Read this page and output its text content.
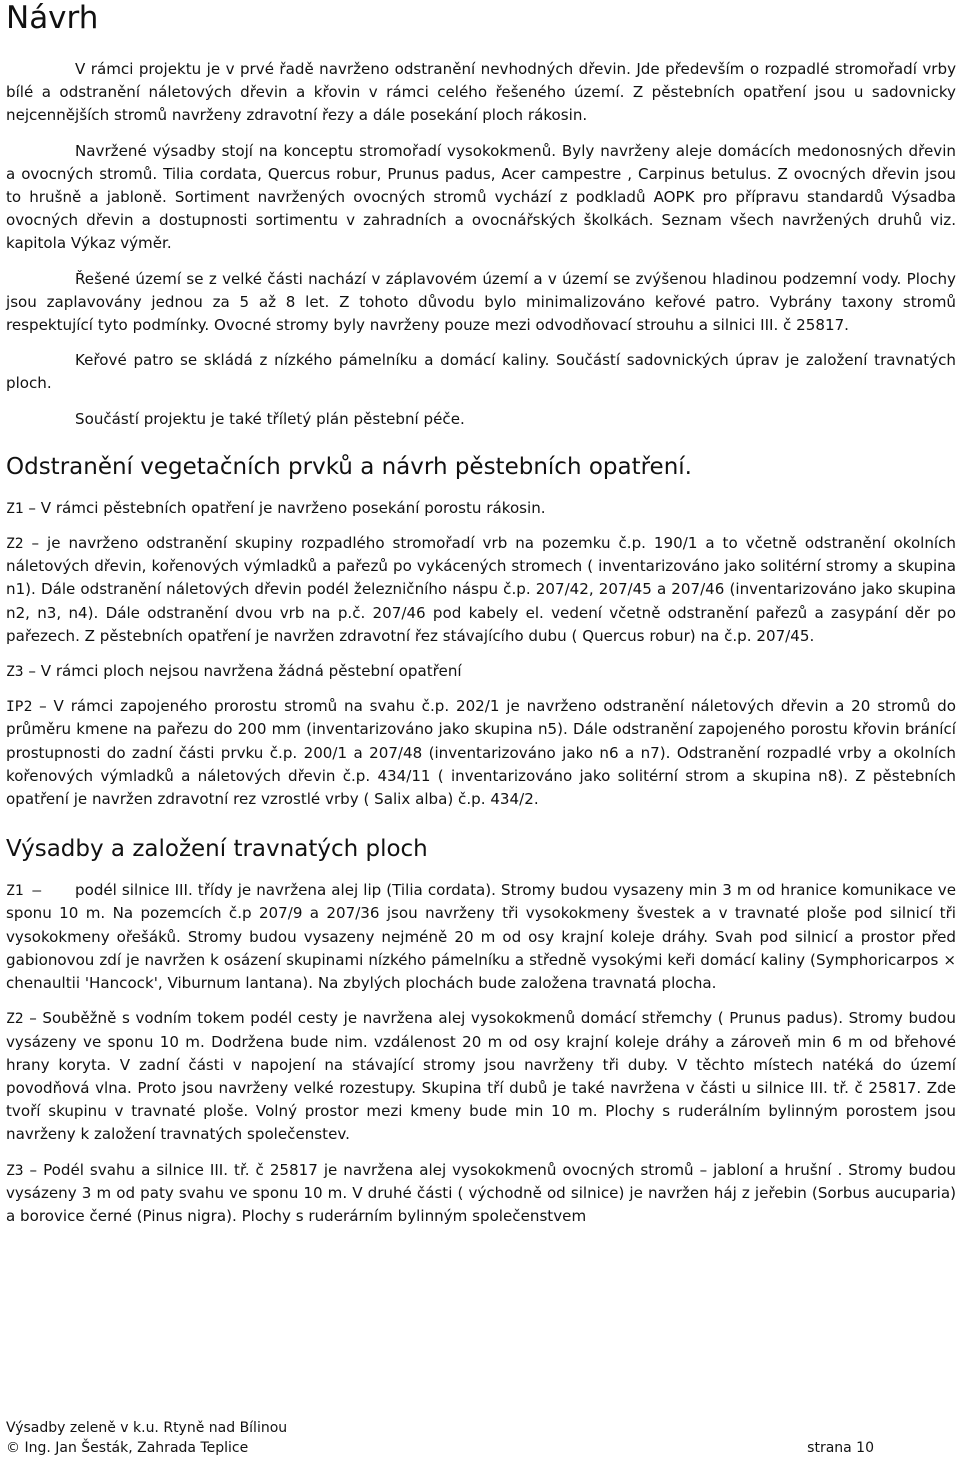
Návrh

V rámci projektu je v prvé řadě navrženo odstranění nevhodných dřevin. Jde především o rozpadlé stromořadí vrby bílé a odstranění náletových dřevin a křovin v rámci celého řešeného území. Z pěstebních opatření jsou u sadovnicky nejcennějších stromů navrženy zdravotní řezy a dále posekání ploch rákosin.

Navržené výsadby stojí na konceptu stromořadí vysokokmenů. Byly navrženy aleje domácích medonosných dřevin a ovocných stromů. Tilia cordata, Quercus robur, Prunus padus, Acer campestre , Carpinus betulus. Z ovocných dřevin jsou to hrušně a jabloně. Sortiment navržených ovocných stromů vychází z podkladů AOPK pro přípravu standardů Výsadba ovocných dřevin a dostupnosti sortimentu v zahradních a ovocnářských školkách. Seznam všech navržených druhů viz. kapitola Výkaz výměr.

Řešené území se z velké části nachází v záplavovém území a v území se zvýšenou hladinou podzemní vody. Plochy jsou zaplavovány jednou za 5 až 8 let. Z tohoto důvodu bylo minimalizováno keřové patro. Vybrány taxony stromů respektující tyto podmínky. Ovocné stromy byly navrženy pouze mezi odvodňovací strouhu a silnici III. č 25817.

Keřové patro se skládá z nízkého pámelníku a domácí kaliny. Součástí sadovnických úprav je založení travnatých ploch.

Součástí projektu je také tříletý plán pěstební péče.

Odstranění vegetačních prvků a návrh pěstebních opatření.

Z1 – V rámci pěstebních opatření je navrženo posekání porostu rákosin.

Z2 – je navrženo odstranění skupiny rozpadlého stromořadí vrb na pozemku č.p. 190/1 a to včetně odstranění okolních náletových dřevin, kořenových výmladků a pařezů po vykácených stromech ( inventarizováno jako solitérní stromy a skupina n1). Dále odstranění náletových dřevin podél železničního náspu č.p. 207/42, 207/45 a 207/46 (inventarizováno jako skupina n2, n3, n4). Dále odstranění dvou vrb na p.č. 207/46 pod kabely el. vedení včetně odstranění pařezů a zasypání děr po pařezech. Z pěstebních opatření je navržen zdravotní řez stávajícího dubu ( Quercus robur) na č.p. 207/45.

Z3 – V rámci ploch nejsou navržena žádná pěstební opatření

IP2 – V rámci zapojeného prorostu stromů na svahu č.p. 202/1 je navrženo odstranění náletových dřevin a 20 stromů do průměru kmene na pařezu do 200 mm (inventarizováno jako skupina n5). Dále odstranění zapojeného porostu křovin bránící prostupnosti do zadní části prvku č.p. 200/1 a 207/48 (inventarizováno jako n6 a n7). Odstranění rozpadlé vrby a okolních kořenových výmladků a náletových dřevin č.p. 434/11 ( inventarizováno jako solitérní strom a skupina n8). Z pěstebních opatření je navržen zdravotní rez vzrostlé vrby ( Salix alba) č.p. 434/2.

Výsadby a založení travnatých ploch

Z1 – podél silnice III. třídy je navržena alej lip (Tilia cordata). Stromy budou vysazeny min 3 m od hranice komunikace ve sponu 10 m. Na pozemcích č.p 207/9 a 207/36 jsou navrženy tři vysokokmeny švestek a v travnaté ploše pod silnicí tři vysokokmeny ořešáků. Stromy budou vysazeny nejméně 20 m od osy krajní koleje dráhy. Svah pod silnicí a prostor před gabionovou zdí je navržen k osázení skupinami nízkého pámelníku a středně vysokými keři domácí kaliny (Symphoricarpos × chenaultii 'Hancock', Viburnum lantana). Na zbylých plochách bude založena travnatá plocha.

Z2 – Souběžně s vodním tokem podél cesty je navržena alej vysokokmenů domácí střemchy ( Prunus padus). Stromy budou vysázeny ve sponu 10 m. Dodržena bude nim. vzdálenost 20 m od osy krajní koleje dráhy a zároveň min 6 m od břehové hrany koryta. V zadní části v napojení na stávající stromy jsou navrženy tři duby. V těchto místech natéká do území povodňová vlna. Proto jsou navrženy velké rozestupy. Skupina tří dubů je také navržena v části u silnice III. tř. č 25817. Zde tvoří skupinu v travnaté ploše. Volný prostor mezi kmeny bude min 10 m. Plochy s ruderálním bylinným porostem jsou navrženy k založení travnatých společenstev.

Z3 – Podél svahu a silnice III. tř. č 25817 je navržena alej vysokokmenů ovocných stromů – jabloní a hrušní . Stromy budou vysázeny 3 m od paty svahu ve sponu 10 m. V druhé části ( východně od silnice) je navržen háj z jeřebin (Sorbus aucuparia) a borovice černé (Pinus nigra). Plochy s ruderárním bylinným společenstvem

Výsadby zeleně v k.u. Rtyně nad Bílinou
© Ing. Jan Šesták, Zahrada Teplice	strana 10
